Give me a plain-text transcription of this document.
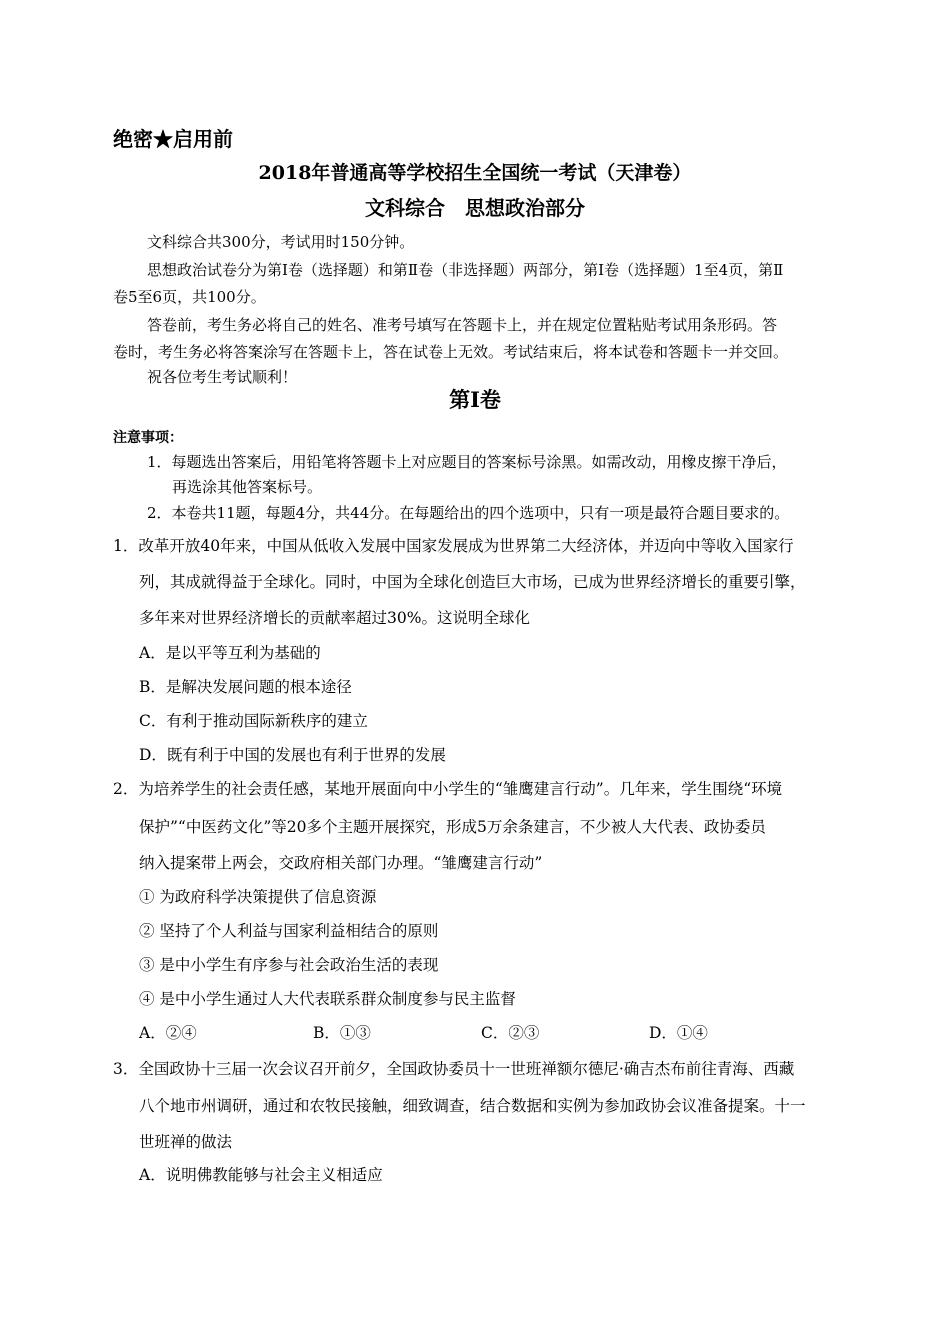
绝密★启用前
2018年普通高等学校招生全国统一考试（天津卷）
文科综合　思想政治部分
文科综合共300分，考试用时150分钟。
思想政治试卷分为第Ⅰ卷（选择题）和第Ⅱ卷（非选择题）两部分，第Ⅰ卷（选择题）1至4页，第Ⅱ
卷5至6页，共100分。
答卷前，考生务必将自己的姓名、准考号填写在答题卡上，并在规定位置粘贴考试用条形码。答
卷时，考生务必将答案涂写在答题卡上，答在试卷上无效。考试结束后，将本试卷和答题卡一并交回。
祝各位考生考试顺利！
第Ⅰ卷
注意事项：
1．每题选出答案后，用铅笔将答题卡上对应题目的答案标号涂黑。如需改动，用橡皮擦干净后，
再选涂其他答案标号。
2．本卷共11题，每题4分，共44分。在每题给出的四个选项中，只有一项是最符合题目要求的。
1．改革开放40年来，中国从低收入发展中国家发展成为世界第二大经济体，并迈向中等收入国家行
列，其成就得益于全球化。同时，中国为全球化创造巨大市场，已成为世界经济增长的重要引擎，
多年来对世界经济增长的贡献率超过30%。这说明全球化
A．是以平等互利为基础的
B．是解决发展问题的根本途径
C．有利于推动国际新秩序的建立
D．既有利于中国的发展也有利于世界的发展
2．为培养学生的社会责任感，某地开展面向中小学生的“雏鹰建言行动”。几年来，学生围绕“环境
保护”“中医药文化”等20多个主题开展探究，形成5万余条建言，不少被人大代表、政协委员
纳入提案带上两会，交政府相关部门办理。“雏鹰建言行动”
① 为政府科学决策提供了信息资源
② 坚持了个人利益与国家利益相结合的原则
③ 是中小学生有序参与社会政治生活的表现
④ 是中小学生通过人大代表联系群众制度参与民主监督
A．②④	B．①③	C．②③	D．①④
3．全国政协十三届一次会议召开前夕，全国政协委员十一世班禅额尔德尼·确吉杰布前往青海、西藏
八个地市州调研，通过和农牧民接触，细致调查，结合数据和实例为参加政协会议准备提案。十一
世班禅的做法
A．说明佛教能够与社会主义相适应
